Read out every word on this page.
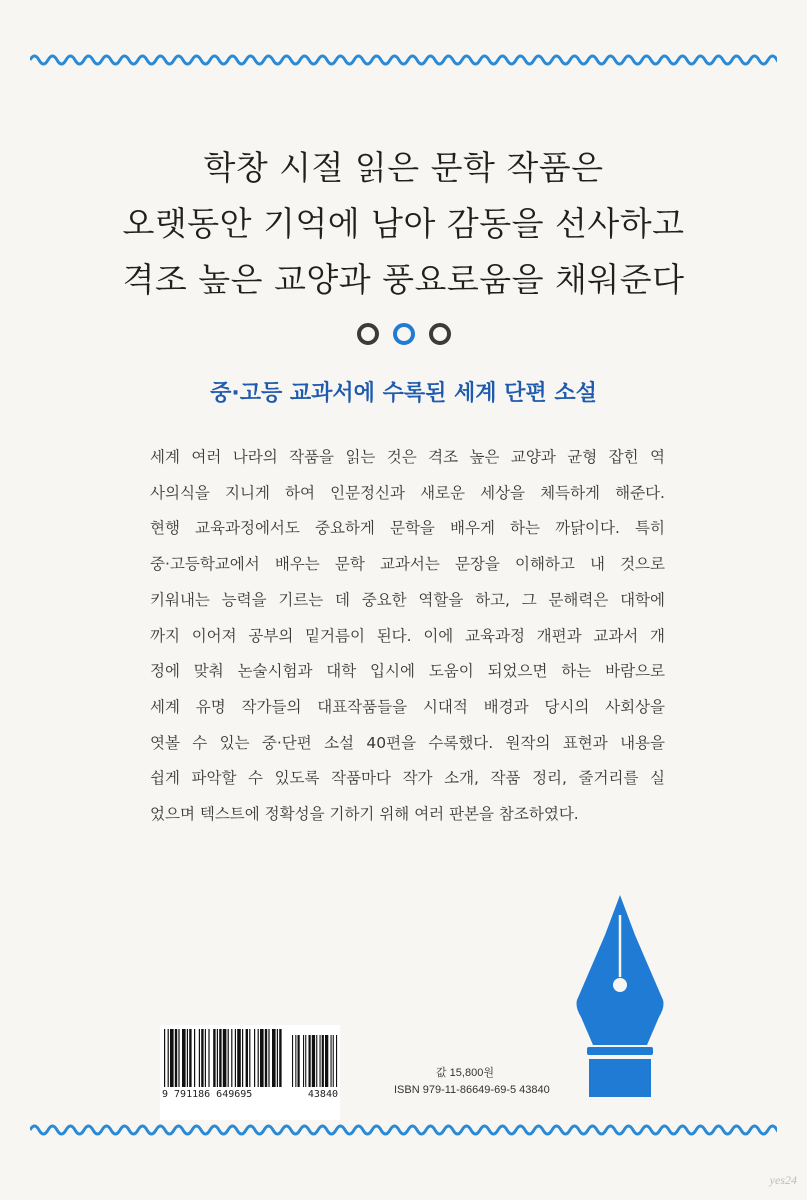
학창 시절 읽은 문학 작품은
오랫동안 기억에 남아 감동을 선사하고
격조 높은 교양과 풍요로움을 채워준다
중·고등 교과서에 수록된 세계 단편 소설
세계 여러 나라의 작품을 읽는 것은 격조 높은 교양과 균형 잡힌 역
사의식을 지니게 하여 인문정신과 새로운 세상을 체득하게 해준다.
현행 교육과정에서도 중요하게 문학을 배우게 하는 까닭이다. 특히
중·고등학교에서 배우는 문학 교과서는 문장을 이해하고 내 것으로
키워내는 능력을 기르는 데 중요한 역할을 하고, 그 문해력은 대학에
까지 이어져 공부의 밑거름이 된다. 이에 교육과정 개편과 교과서 개
정에 맞춰 논술시험과 대학 입시에 도움이 되었으면 하는 바람으로
세계 유명 작가들의 대표작품들을 시대적 배경과 당시의 사회상을
엿볼 수 있는 중·단편 소설 40편을 수록했다. 원작의 표현과 내용을
쉽게 파악할 수 있도록 작품마다 작가 소개, 작품 정리, 줄거리를 실
었으며 텍스트에 정확성을 기하기 위해 여러 판본을 참조하였다.
9 791186 649695	43840
값 15,800원
ISBN 979-11-86649-69-5 43840
yes24
